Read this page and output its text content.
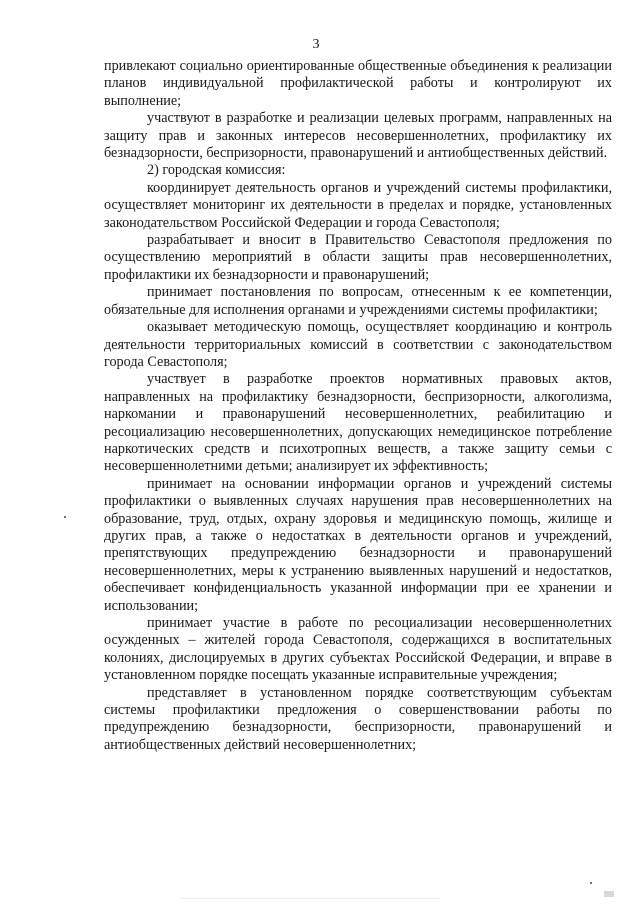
3

привлекают социально ориентированные общественные объединения к реализации планов индивидуальной профилактической работы и контролируют их выполнение;

участвуют в разработке и реализации целевых программ, направленных на защиту прав и законных интересов несовершеннолетних, профилактику их безнадзорности, беспризорности, правонарушений и антиобщественных действий.

2) городская комиссия:

координирует деятельность органов и учреждений системы профилактики, осуществляет мониторинг их деятельности в пределах и порядке, установленных законодательством Российской Федерации и города Севастополя;

разрабатывает и вносит в Правительство Севастополя предложения по осуществлению мероприятий в области защиты прав несовершеннолетних, профилактики их безнадзорности и правонарушений;

принимает постановления по вопросам, отнесенным к ее компетенции, обязательные для исполнения органами и учреждениями системы профилактики;

оказывает методическую помощь, осуществляет координацию и контроль деятельности территориальных комиссий в соответствии с законодательством города Севастополя;

участвует в разработке проектов нормативных правовых актов, направленных на профилактику безнадзорности, беспризорности, алкоголизма, наркомании и правонарушений несовершеннолетних, реабилитацию и ресоциализацию несовершеннолетних, допускающих немедицинское потребление наркотических средств и психотропных веществ, а также защиту семьи с несовершеннолетними детьми; анализирует их эффективность;

принимает на основании информации органов и учреждений системы профилактики о выявленных случаях нарушения прав несовершеннолетних на образование, труд, отдых, охрану здоровья и медицинскую помощь, жилище и других прав, а также о недостатках в деятельности органов и учреждений, препятствующих предупреждению безнадзорности и правонарушений несовершеннолетних, меры к устранению выявленных нарушений и недостатков, обеспечивает конфиденциальность указанной информации при ее хранении и использовании;

принимает участие в работе по ресоциализации несовершеннолетних осужденных – жителей города Севастополя, содержащихся в воспитательных колониях, дислоцируемых в других субъектах Российской Федерации, и вправе в установленном порядке посещать указанные исправительные учреждения;

представляет в установленном порядке соответствующим субъектам системы профилактики предложения о совершенствовании работы по предупреждению безнадзорности, беспризорности, правонарушений и антиобщественных действий несовершеннолетних;
